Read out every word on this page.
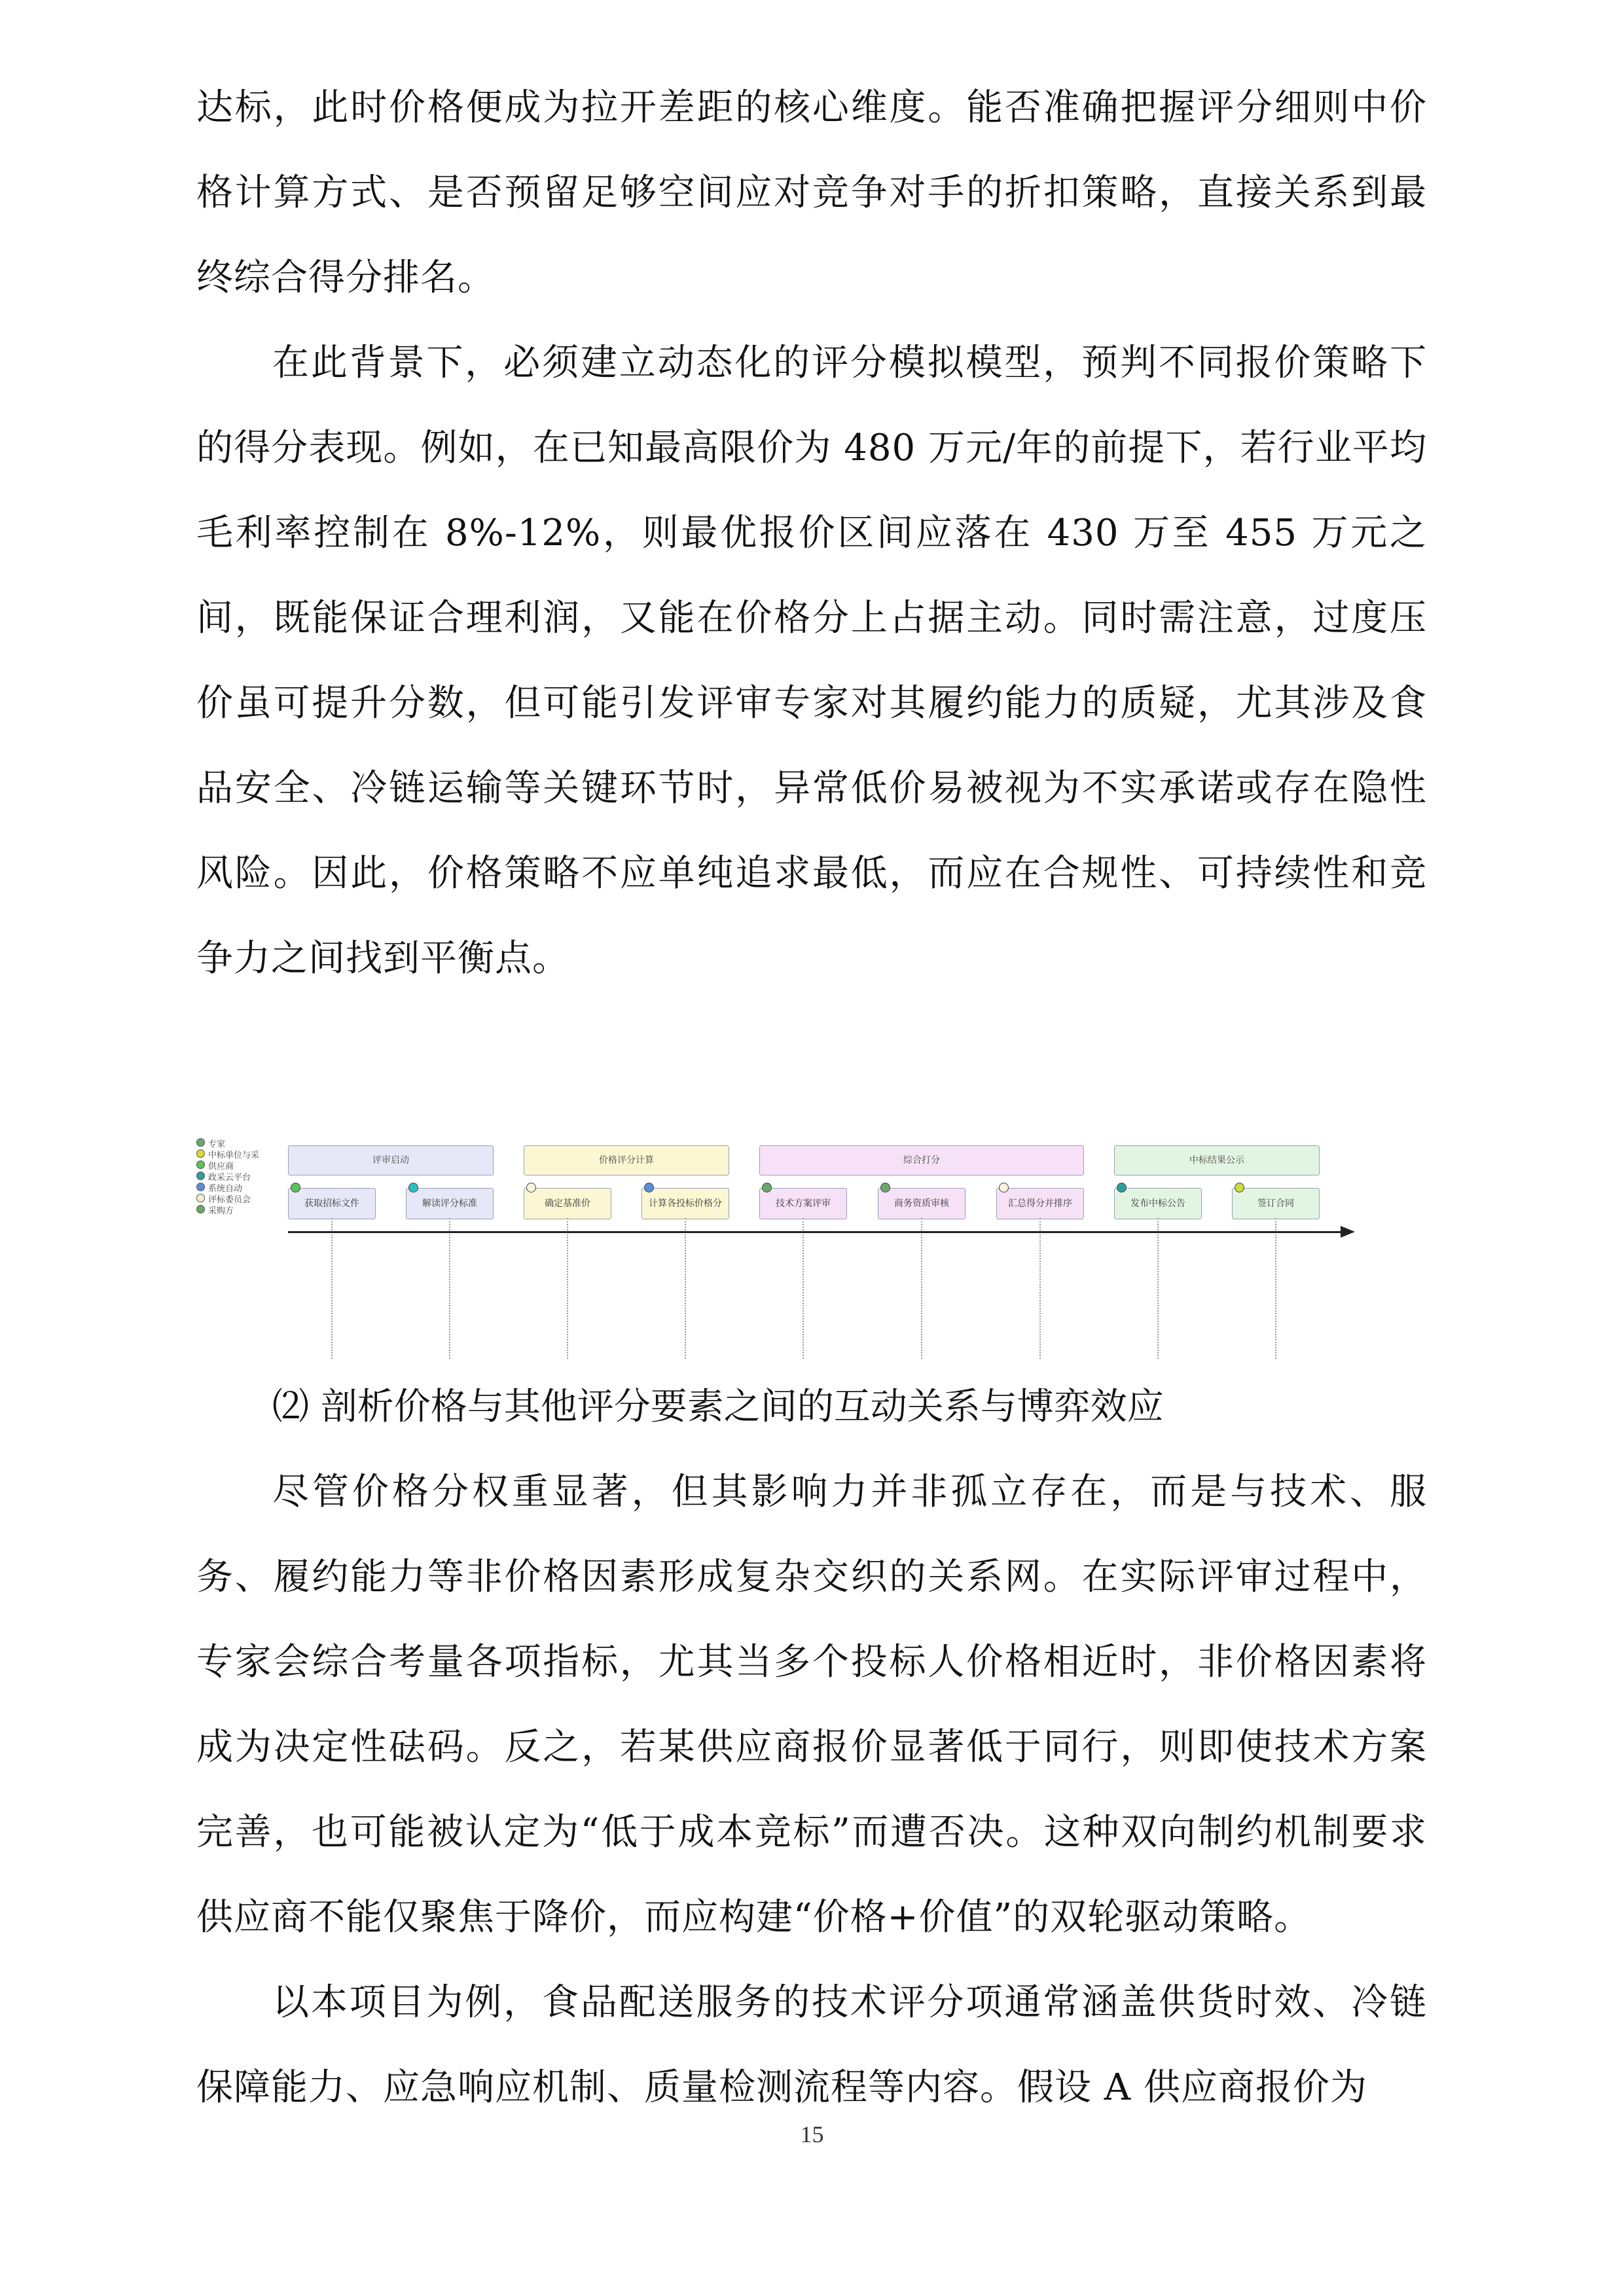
达标，此时价格便成为拉开差距的核心维度。能否准确把握评分细则中价格计算方式、是否预留足够空间应对竞争对手的折扣策略，直接关系到最终综合得分排名。

在此背景下，必须建立动态化的评分模拟模型，预判不同报价策略下的得分表现。例如，在已知最高限价为 480 万元/年的前提下，若行业平均毛利率控制在 8%-12%，则最优报价区间应落在 430 万至 455 万元之间，既能保证合理利润，又能在价格分上占据主动。同时需注意，过度压价虽可提升分数，但可能引发评审专家对其履约能力的质疑，尤其涉及食品安全、冷链运输等关键环节时，异常低价易被视为不实承诺或存在隐性风险。因此，价格策略不应单纯追求最低，而应在合规性、可持续性和竞争力之间找到平衡点。

专家
中标单位与采
供应商
政采云平台
系统自动
评标委员会
采购方
评审启动	价格评分计算	综合打分	中标结果公示
获取招标文件	解读评分标准	确定基准价	计算各投标价格分	技术方案评审	商务资质审核	汇总得分并排序	发布中标公告	签订合同

⑵ 剖析价格与其他评分要素之间的互动关系与博弈效应

尽管价格分权重显著，但其影响力并非孤立存在，而是与技术、服务、履约能力等非价格因素形成复杂交织的关系网。在实际评审过程中，专家会综合考量各项指标，尤其当多个投标人价格相近时，非价格因素将成为决定性砝码。反之，若某供应商报价显著低于同行，则即使技术方案完善，也可能被认定为“低于成本竞标”而遭否决。这种双向制约机制要求供应商不能仅聚焦于降价，而应构建“价格+价值”的双轮驱动策略。

以本项目为例，食品配送服务的技术评分项通常涵盖供货时效、冷链保障能力、应急响应机制、质量检测流程等内容。假设 A 供应商报价为

15
